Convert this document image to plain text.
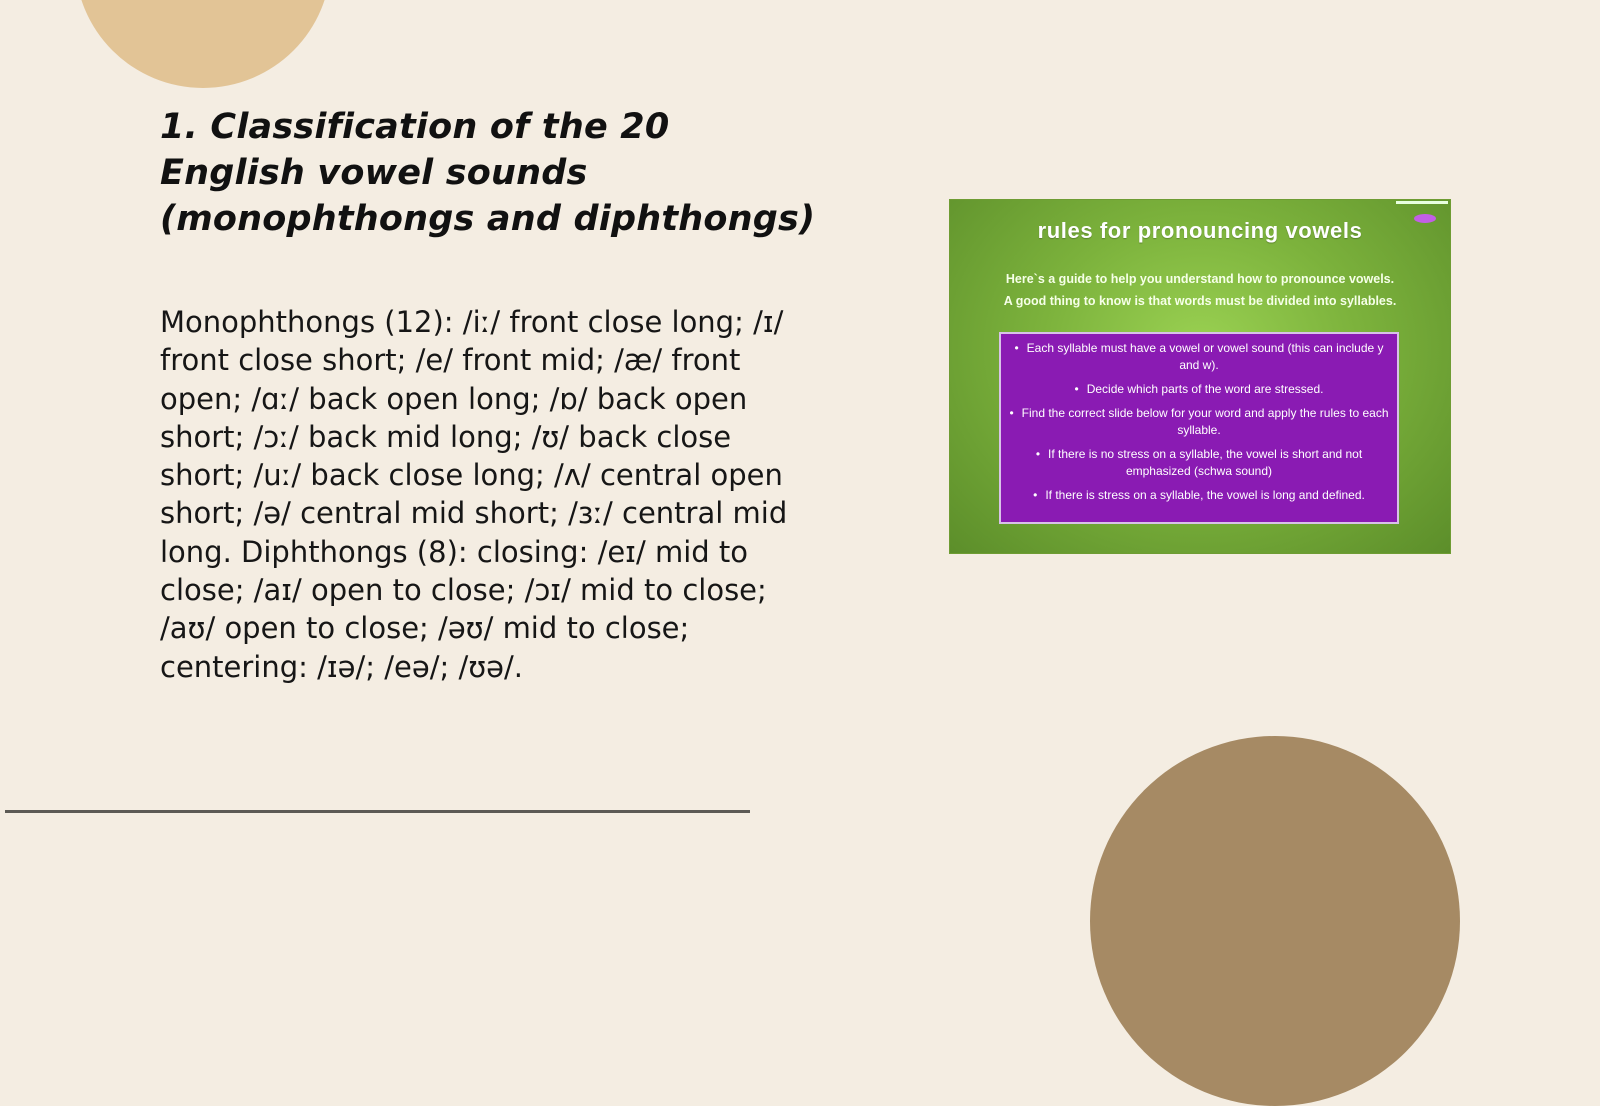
1. Classification of the 20 English vowel sounds (monophthongs and diphthongs)

Monophthongs (12): /iː/ front close long; /ɪ/ front close short; /e/ front mid; /æ/ front open; /ɑː/ back open long; /ɒ/ back open short; /ɔː/ back mid long; /ʊ/ back close short; /uː/ back close long; /ʌ/ central open short; /ə/ central mid short; /ɜː/ central mid long. Diphthongs (8): closing: /eɪ/ mid to close; /aɪ/ open to close; /ɔɪ/ mid to close; /aʊ/ open to close; /əʊ/ mid to close; centering: /ɪə/; /eə/; /ʊə/.

rules for pronouncing vowels
Here`s a guide to help you understand how to pronounce vowels.
A good thing to know is that words must be divided into syllables.
• Each syllable must have a vowel or vowel sound (this can include y and w).
• Decide which parts of the word are stressed.
• Find the correct slide below for your word and apply the rules to each syllable.
• If there is no stress on a syllable, the vowel is short and not emphasized (schwa sound)
• If there is stress on a syllable, the vowel is long and defined.
